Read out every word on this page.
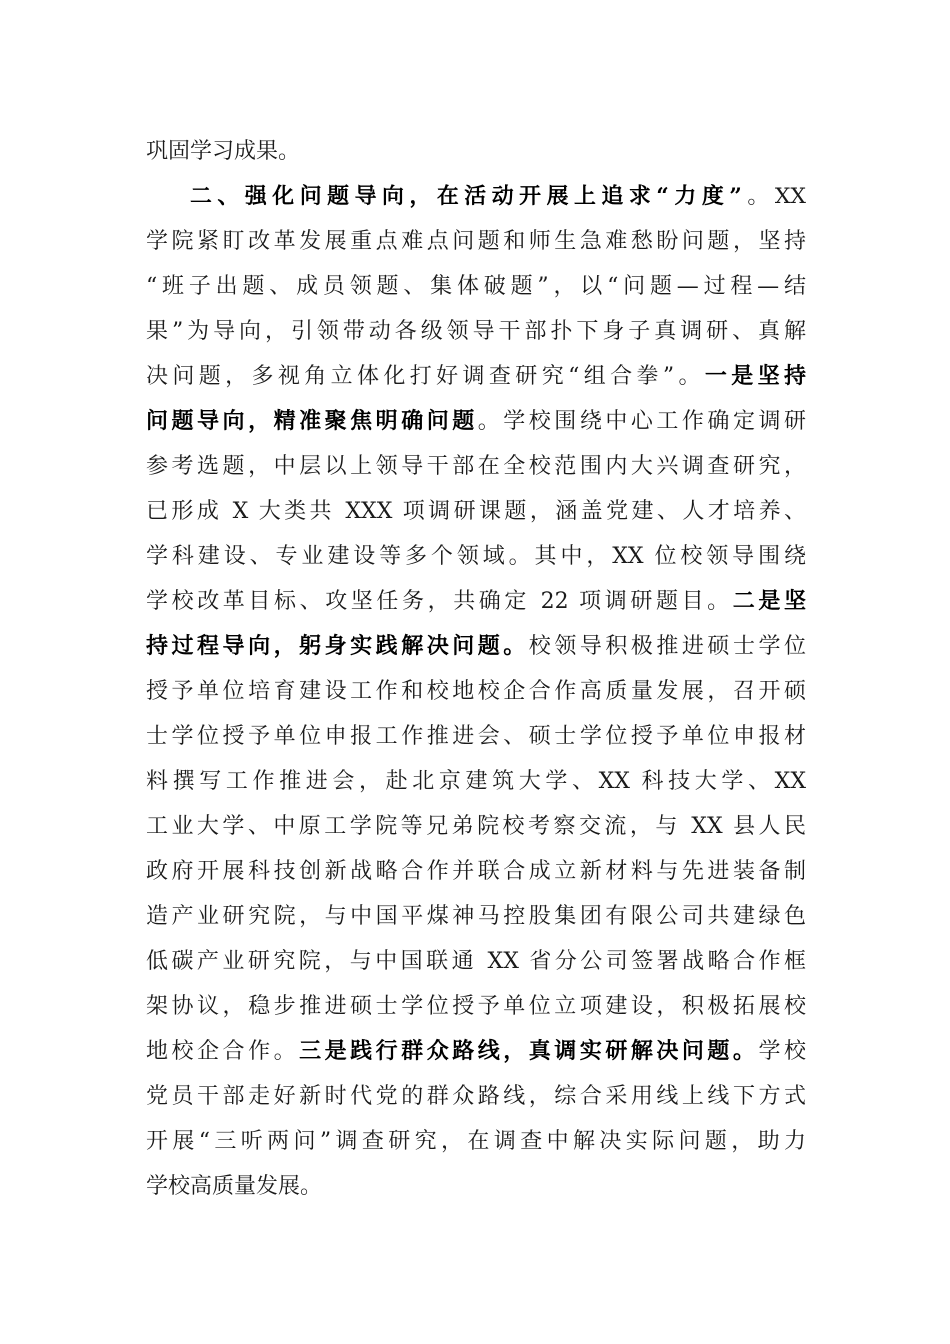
巩固学习成果。
二、强化问题导向，在活动开展上追求“力度”。XX
学院紧盯改革发展重点难点问题和师生急难愁盼问题，坚持
“班子出题、成员领题、集体破题”，以“问题—过程—结
果”为导向，引领带动各级领导干部扑下身子真调研、真解
决问题，多视角立体化打好调查研究“组合拳”。一是坚持
问题导向，精准聚焦明确问题。学校围绕中心工作确定调研
参考选题，中层以上领导干部在全校范围内大兴调查研究，
已形成 X 大类共 XXX 项调研课题，涵盖党建、人才培养、
学科建设、专业建设等多个领域。其中，XX 位校领导围绕
学校改革目标、攻坚任务，共确定 22 项调研题目。二是坚
持过程导向，躬身实践解决问题。校领导积极推进硕士学位
授予单位培育建设工作和校地校企合作高质量发展，召开硕
士学位授予单位申报工作推进会、硕士学位授予单位申报材
料撰写工作推进会，赴北京建筑大学、XX 科技大学、XX
工业大学、中原工学院等兄弟院校考察交流，与 XX 县人民
政府开展科技创新战略合作并联合成立新材料与先进装备制
造产业研究院，与中国平煤神马控股集团有限公司共建绿色
低碳产业研究院，与中国联通 XX 省分公司签署战略合作框
架协议，稳步推进硕士学位授予单位立项建设，积极拓展校
地校企合作。三是践行群众路线，真调实研解决问题。学校
党员干部走好新时代党的群众路线，综合采用线上线下方式
开展“三听两问”调查研究，在调查中解决实际问题，助力
学校高质量发展。
